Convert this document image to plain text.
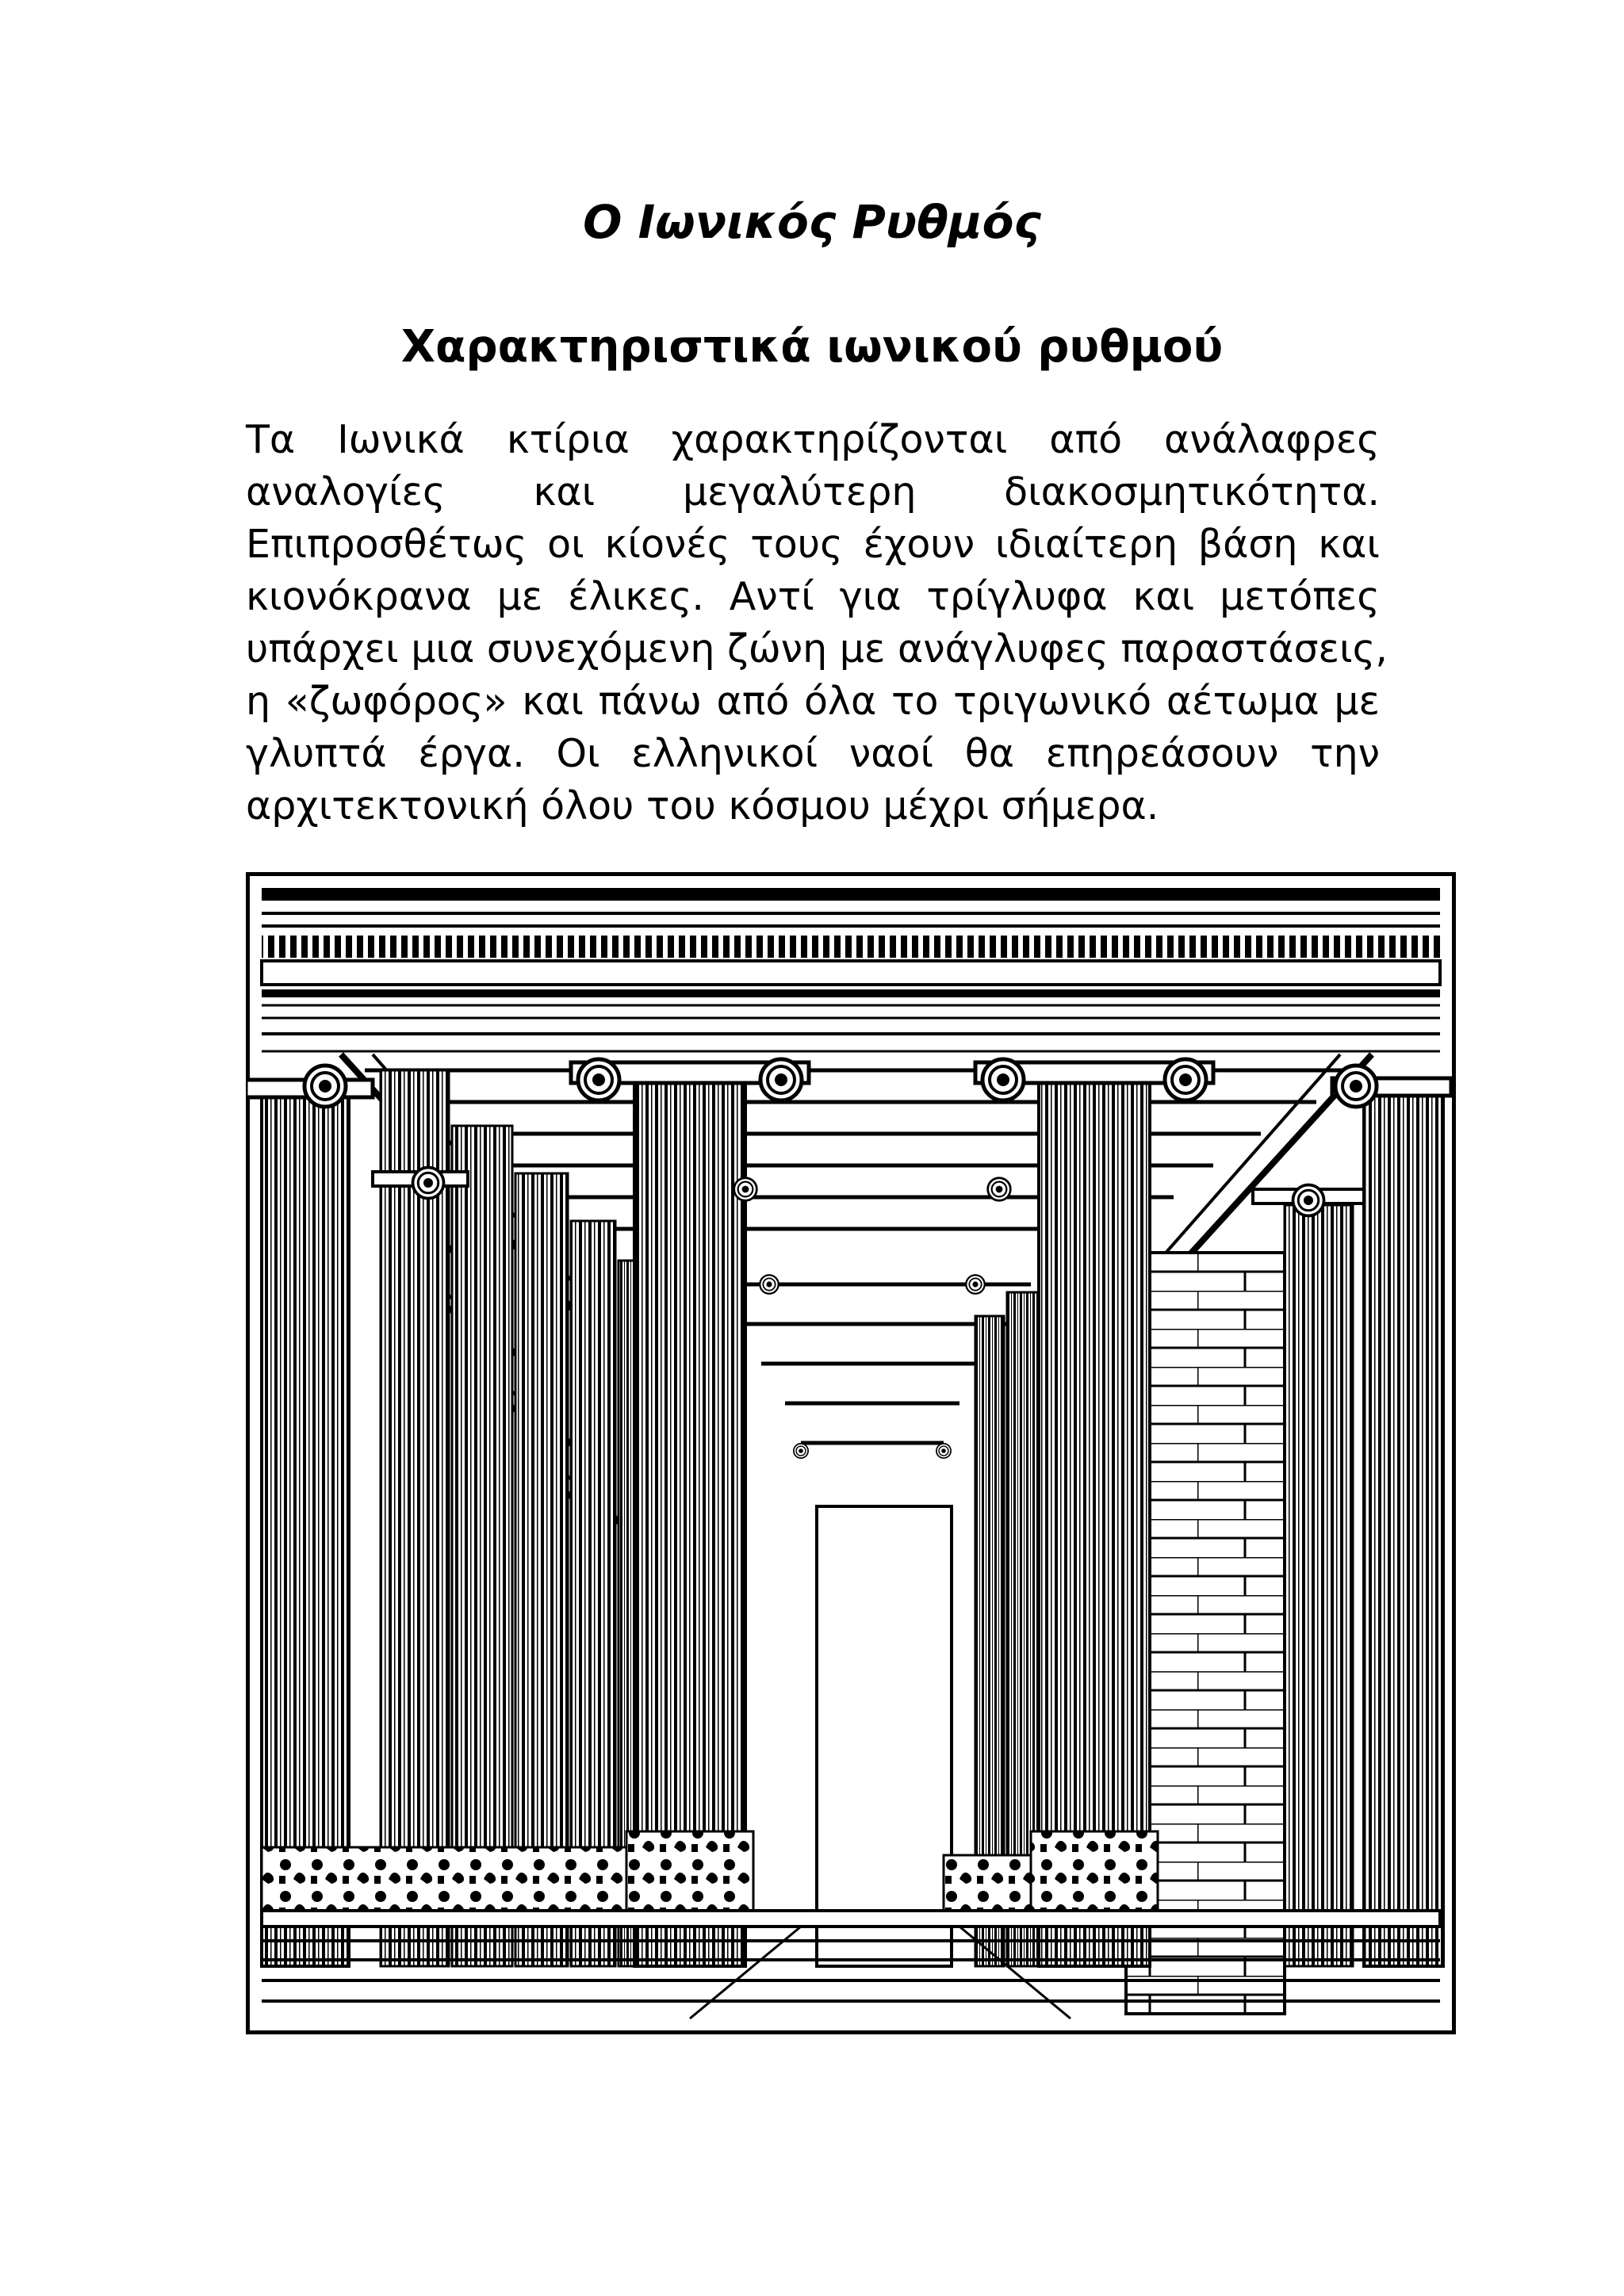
Ο Ιωνικός Ρυθμός
Χαρακτηριστικά ιωνικού ρυθμού
Τα Ιωνικά κτίρια χαρακτηρίζονται από ανάλαφρες
αναλογίες και μεγαλύτερη διακοσμητικότητα.
Επιπροσθέτως οι κίονές τους έχουν ιδιαίτερη βάση και
κιονόκρανα με έλικες. Αντί για τρίγλυφα και μετόπες
υπάρχει μια συνεχόμενη ζώνη με ανάγλυφες παραστάσεις,
η «ζωφόρος» και πάνω από όλα το τριγωνικό αέτωμα με
γλυπτά έργα. Οι ελληνικοί ναοί θα επηρεάσουν την
αρχιτεκτονική όλου του κόσμου μέχρι σήμερα.
